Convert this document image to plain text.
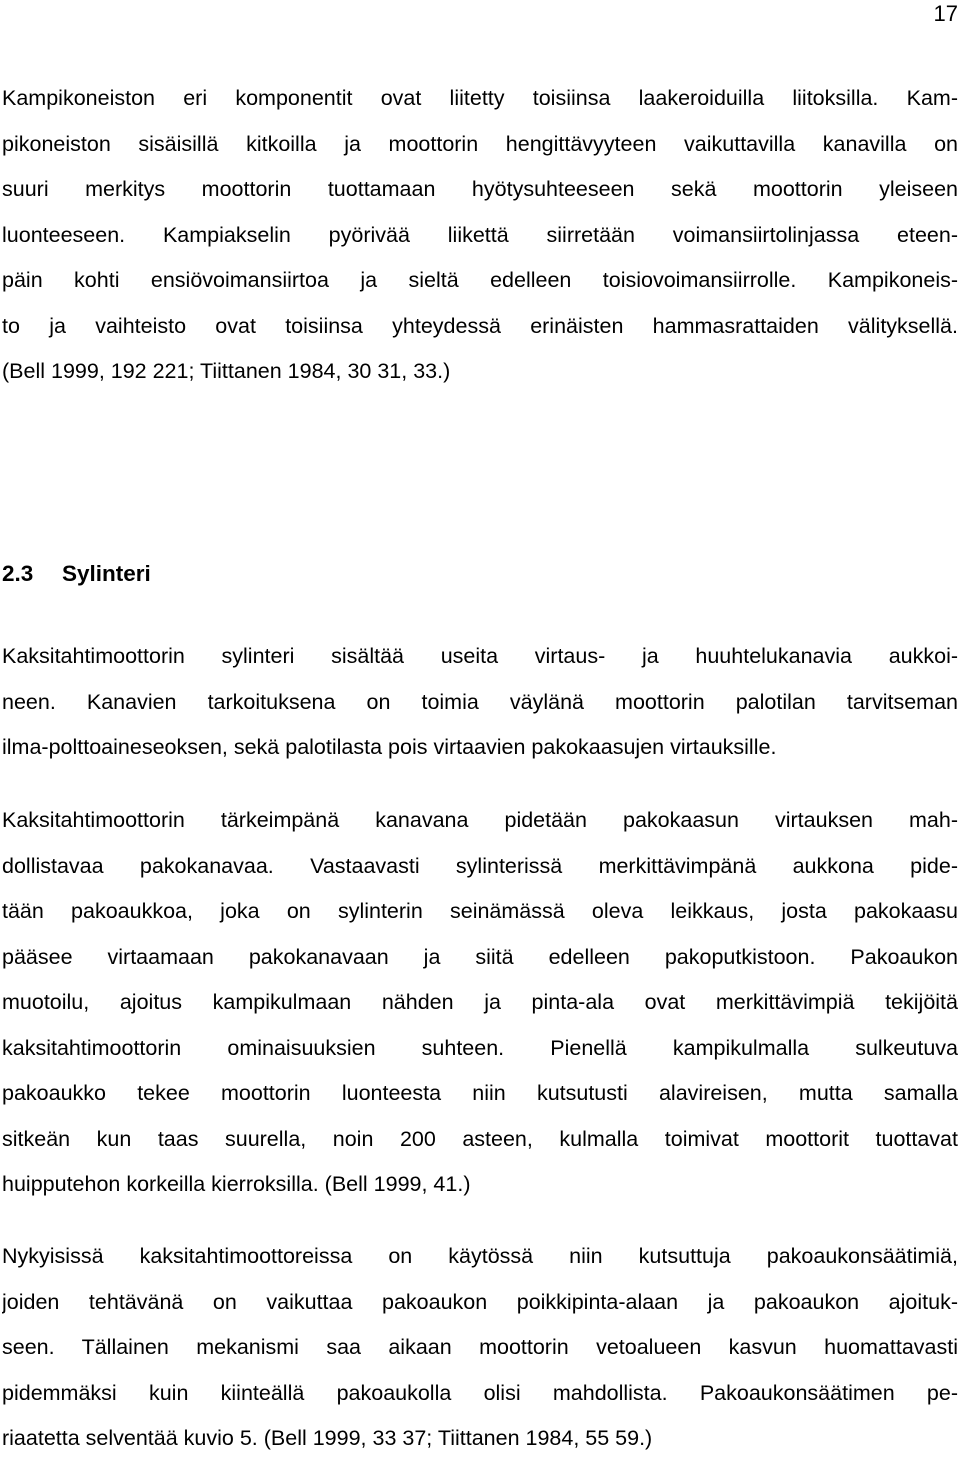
17
Kampikoneiston eri komponentit ovat liitetty toisiinsa laakeroiduilla liitoksilla. Kam-
pikoneiston sisäisillä kitkoilla ja moottorin hengittävyyteen vaikuttavilla kanavilla on
suuri merkitys moottorin tuottamaan hyötysuhteeseen sekä moottorin yleiseen
luonteeseen. Kampiakselin pyörivää liikettä siirretään voimansiirtolinjassa eteen-
päin kohti ensiövoimansiirtoa ja sieltä edelleen toisiovoimansiirrolle. Kampikoneis-
to ja vaihteisto ovat toisiinsa yhteydessä erinäisten hammasrattaiden välityksellä.
(Bell 1999, 192 221; Tiittanen 1984, 30 31, 33.)
2.3 Sylinteri
Kaksitahtimoottorin sylinteri sisältää useita virtaus- ja huuhtelukanavia aukkoi-
neen. Kanavien tarkoituksena on toimia väylänä moottorin palotilan tarvitseman
ilma-polttoaineseoksen, sekä palotilasta pois virtaavien pakokaasujen virtauksille.
Kaksitahtimoottorin tärkeimpänä kanavana pidetään pakokaasun virtauksen mah-
dollistavaa pakokanavaa. Vastaavasti sylinterissä merkittävimpänä aukkona pide-
tään pakoaukkoa, joka on sylinterin seinämässä oleva leikkaus, josta pakokaasu
pääsee virtaamaan pakokanavaan ja siitä edelleen pakoputkistoon. Pakoaukon
muotoilu, ajoitus kampikulmaan nähden ja pinta-ala ovat merkittävimpiä tekijöitä
kaksitahtimoottorin ominaisuuksien suhteen. Pienellä kampikulmalla sulkeutuva
pakoaukko tekee moottorin luonteesta niin kutsutusti alavireisen, mutta samalla
sitkeän kun taas suurella, noin 200 asteen, kulmalla toimivat moottorit tuottavat
huipputehon korkeilla kierroksilla. (Bell 1999, 41.)
Nykyisissä kaksitahtimoottoreissa on käytössä niin kutsuttuja pakoaukonsäätimiä,
joiden tehtävänä on vaikuttaa pakoaukon poikkipinta-alaan ja pakoaukon ajoituk-
seen. Tällainen mekanismi saa aikaan moottorin vetoalueen kasvun huomattavasti
pidemmäksi kuin kiinteällä pakoaukolla olisi mahdollista. Pakoaukonsäätimen pe-
riaatetta selventää kuvio 5. (Bell 1999, 33 37; Tiittanen 1984, 55 59.)
